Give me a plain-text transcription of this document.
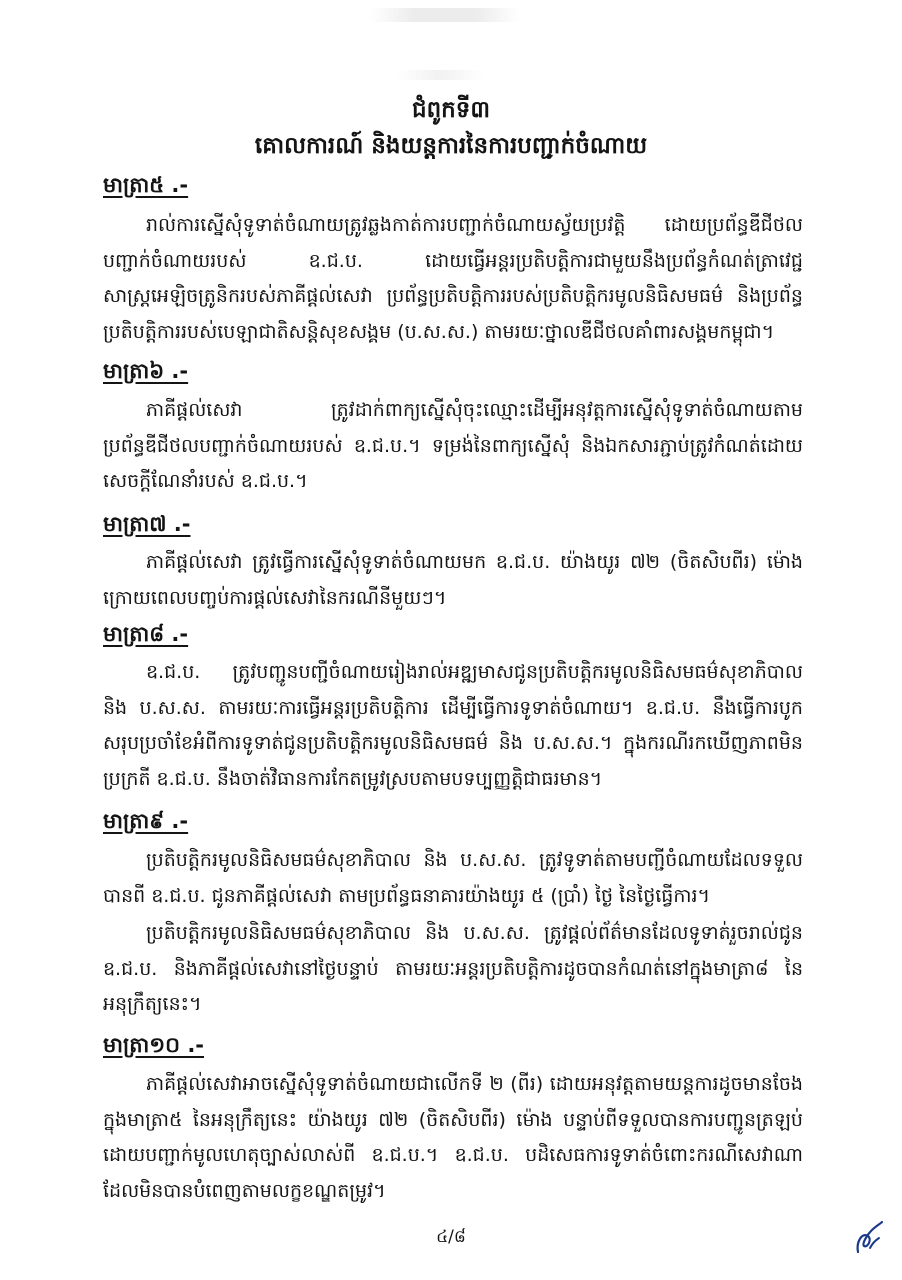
ជំពូកទី៣
គោលការណ៍ និងយន្តការនៃការបញ្ជាក់ចំណាយ
មាត្រា៥ .-
រាល់ការស្នើសុំទូទាត់ចំណាយត្រូវឆ្លងកាត់ការបញ្ជាក់ចំណាយស្វ័យប្រវត្តិ ដោយប្រព័ន្ធឌីជីថលបញ្ជាក់ចំណាយរបស់ ឧ.ជ.ប. ដោយធ្វើអន្តរប្រតិបត្តិការជាមួយនឹងប្រព័ន្ធកំណត់ត្រាវេជ្ជសាស្ត្រអេឡិចត្រូនិករបស់ភាគីផ្ដល់សេវា ប្រព័ន្ធប្រតិបត្តិការរបស់ប្រតិបត្តិករមូលនិធិសមធម៌ និងប្រព័ន្ធប្រតិបត្តិការរបស់បេឡាជាតិសន្តិសុខសង្គម (ប.ស.ស.) តាមរយៈថ្នាលឌីជីថលគាំពារសង្គមកម្ពុជា។
មាត្រា៦ .-
ភាគីផ្ដល់សេវា ត្រូវដាក់ពាក្យស្នើសុំចុះឈ្មោះដើម្បីអនុវត្តការស្នើសុំទូទាត់ចំណាយតាមប្រព័ន្ធឌីជីថលបញ្ជាក់ចំណាយរបស់ ឧ.ជ.ប.។ ទម្រង់នៃពាក្យស្នើសុំ និងឯកសារភ្ជាប់ត្រូវកំណត់ដោយសេចក្ដីណែនាំរបស់ ឧ.ជ.ប.។
មាត្រា៧ .-
ភាគីផ្ដល់សេវា ត្រូវធ្វើការស្នើសុំទូទាត់ចំណាយមក ឧ.ជ.ប. យ៉ាងយូរ ៧២ (ចិតសិបពីរ) ម៉ោងក្រោយពេលបញ្ចប់ការផ្ដល់សេវានៃករណីនីមួយៗ។
មាត្រា៨ .-
ឧ.ជ.ប. ត្រូវបញ្ជូនបញ្ជីចំណាយរៀងរាល់អឌ្ឍមាសជូនប្រតិបត្តិករមូលនិធិសមធម៌សុខាភិបាល និង ប.ស.ស. តាមរយៈការធ្វើអន្តរប្រតិបត្តិការ ដើម្បីធ្វើការទូទាត់ចំណាយ។ ឧ.ជ.ប. នឹងធ្វើការបូកសរុបប្រចាំខែអំពីការទូទាត់ជូនប្រតិបត្តិករមូលនិធិសមធម៌ និង ប.ស.ស.។ ក្នុងករណីរកឃើញភាពមិនប្រក្រតី ឧ.ជ.ប. នឹងចាត់វិធានការកែតម្រូវស្របតាមបទប្បញ្ញត្តិជាធរមាន។
មាត្រា៩ .-
ប្រតិបត្តិករមូលនិធិសមធម៌សុខាភិបាល និង ប.ស.ស. ត្រូវទូទាត់តាមបញ្ជីចំណាយដែលទទួលបានពី ឧ.ជ.ប. ជូនភាគីផ្ដល់សេវា តាមប្រព័ន្ធធនាគារយ៉ាងយូរ ៥ (ប្រាំ) ថ្ងៃ នៃថ្ងៃធ្វើការ។
ប្រតិបត្តិករមូលនិធិសមធម៌សុខាភិបាល និង ប.ស.ស. ត្រូវផ្ដល់ព័ត៌មានដែលទូទាត់រួចរាល់ជូន ឧ.ជ.ប. និងភាគីផ្ដល់សេវានៅថ្ងៃបន្ទាប់ តាមរយៈអន្តរប្រតិបត្តិការដូចបានកំណត់នៅក្នុងមាត្រា៨ នៃអនុក្រឹត្យនេះ។
មាត្រា១០ .-
ភាគីផ្ដល់សេវាអាចស្នើសុំទូទាត់ចំណាយជាលើកទី ២ (ពីរ) ដោយអនុវត្តតាមយន្តការដូចមានចែងក្នុងមាត្រា៥ នៃអនុក្រឹត្យនេះ យ៉ាងយូរ ៧២ (ចិតសិបពីរ) ម៉ោង បន្ទាប់ពីទទួលបានការបញ្ជូនត្រឡប់ដោយបញ្ជាក់មូលហេតុច្បាស់លាស់ពី ឧ.ជ.ប.។ ឧ.ជ.ប. បដិសេធការទូទាត់ចំពោះករណីសេវាណាដែលមិនបានបំពេញតាមលក្ខខណ្ឌតម្រូវ។
៤/៨
